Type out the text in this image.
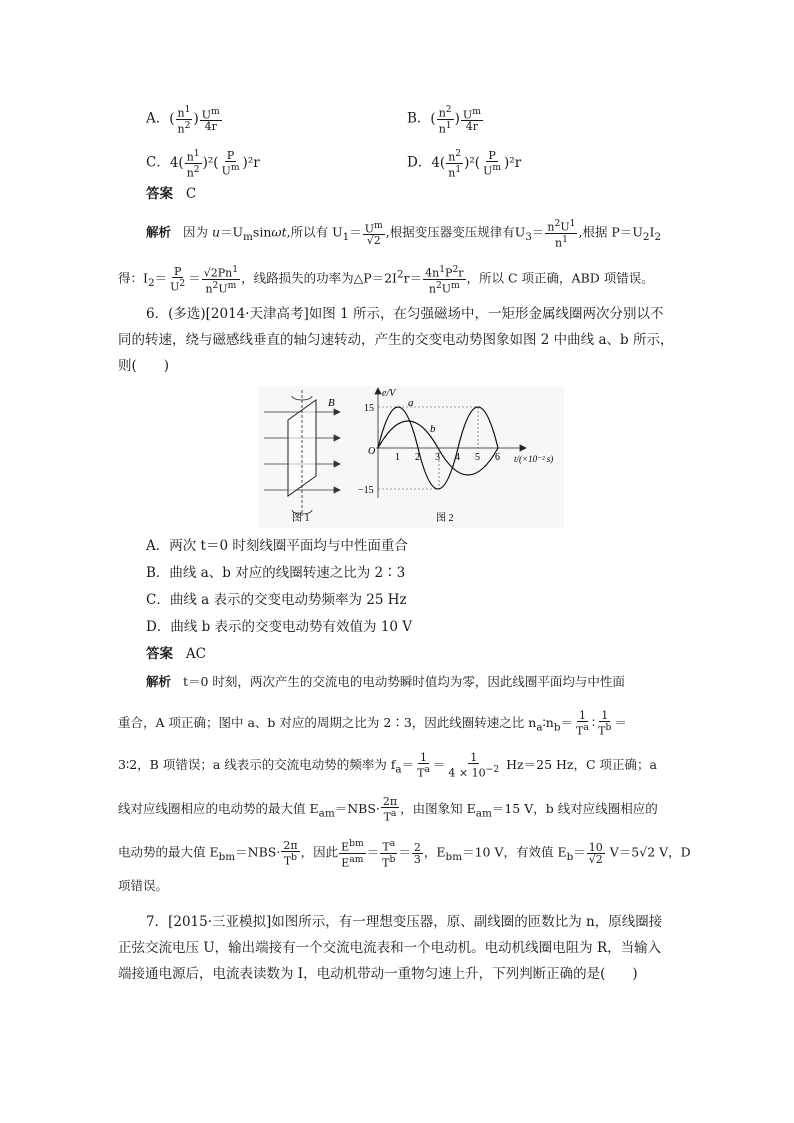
A．( $\frac{n^1}{n^2}$ ) $\frac{U^m}{4r}$	B．( $\frac{n^2}{n^1}$ ) $\frac{U^m}{4r}$
C．$4( \frac{n^1}{n^2} )^2( \frac{P}{U^m} )^2r$	D．$4( \frac{n^2}{n^1} )^2( \frac{P}{U^m} )^2r$
答案 C
解析 因为 $u=U_m\sin\omega t$,所以有 $U_1= \frac{U^m}{√2}$ ,根据变压器变压规律有$U_3= \frac{n^2U^1}{n^1}$ ,根据 $P=U_2I_2$
得：$I_2= \frac{P}{U^2} = \frac{√2Pn^1}{n^2U^m}$ ，线路损失的功率为$\triangle P=2I^2r= \frac{4n^1P^2r}{n^2U^m}$ ，所以 C 项正确，ABD 项错误。
6．(多选)[2014·天津高考]如图 1 所示，在匀强磁场中，一矩形金属线圈两次分别以不
同的转速，绕与磁感线垂直的轴匀速转动，产生的交变电动势图象如图 2 中曲线 a、b 所示，
则(　　)
B
图 1
15
−15
O
e/V
t/(×10⁻² s)
1 2 3 4 5 6
a
b
图 2
A．两次 t＝0 时刻线圈平面均与中性面重合
B．曲线 a、b 对应的线圈转速之比为 2∶3
C．曲线 a 表示的交变电动势频率为 25 Hz
D．曲线 b 表示的交变电动势有效值为 10 V
答案 AC
解析 t＝0 时刻，两次产生的交流电的电动势瞬时值均为零，因此线圈平面均与中性面
重合，A 项正确；图中 a、b 对应的周期之比为 2∶3，因此线圈转速之比 $n_a∶n_b= \frac{1}{T^a}$ ∶ $\frac{1}{T^b}$ ＝
3∶2，B 项错误；a 线表示的交流电动势的频率为 $f_a= \frac{1}{T^a} = \frac{1}{4 \times 10^{-2}} Hz=25$ Hz，C 项正确；a
线对应线圈相应的电动势的最大值 $E_{am}=NBS\cdot \frac{2\pi}{T^a}$ ，由图象知 $E_{am}=15$ V，b 线对应线圈相应的
电动势的最大值 $E_{bm}=NBS\cdot \frac{2\pi}{T^b}$ ，因此 $\frac{E^{bm}}{E^{am}} = \frac{T^a}{T^b} = \frac{2}{3}$ ，$E_{bm}=10$ V，有效值 $E_b= \frac{10}{√2} V=5√2$ V，D
项错误。
7．[2015·三亚模拟]如图所示，有一理想变压器，原、副线圈的匝数比为 n，原线圈接
正弦交流电压 U，输出端接有一个交流电流表和一个电动机。电动机线圈电阻为 R，当输入
端接通电源后，电流表读数为 I，电动机带动一重物匀速上升，下列判断正确的是(　　)
